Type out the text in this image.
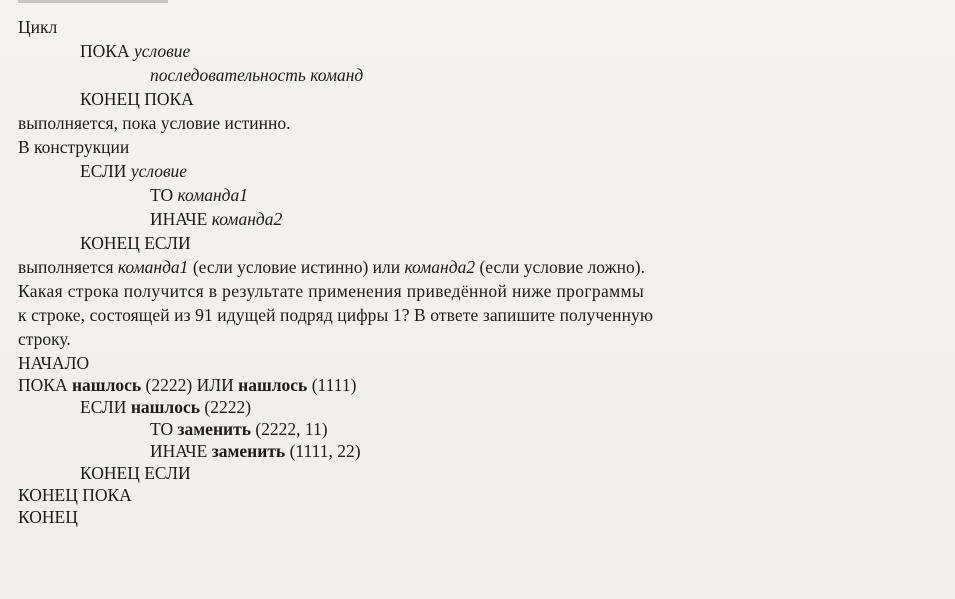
Цикл
ПОКА условие
последовательность команд
КОНЕЦ ПОКА
выполняется, пока условие истинно.
В конструкции
ЕСЛИ условие
ТО команда1
ИНАЧЕ команда2
КОНЕЦ ЕСЛИ
выполняется команда1 (если условие истинно) или команда2 (если условие ложно).
Какая строка получится в результате применения приведённой ниже программы
к строке, состоящей из 91 идущей подряд цифры 1? В ответе запишите полученную
строку.
НАЧАЛО
ПОКА нашлось (2222) ИЛИ нашлось (1111)
ЕСЛИ нашлось (2222)
ТО заменить (2222, 11)
ИНАЧЕ заменить (1111, 22)
КОНЕЦ ЕСЛИ
КОНЕЦ ПОКА
КОНЕЦ
